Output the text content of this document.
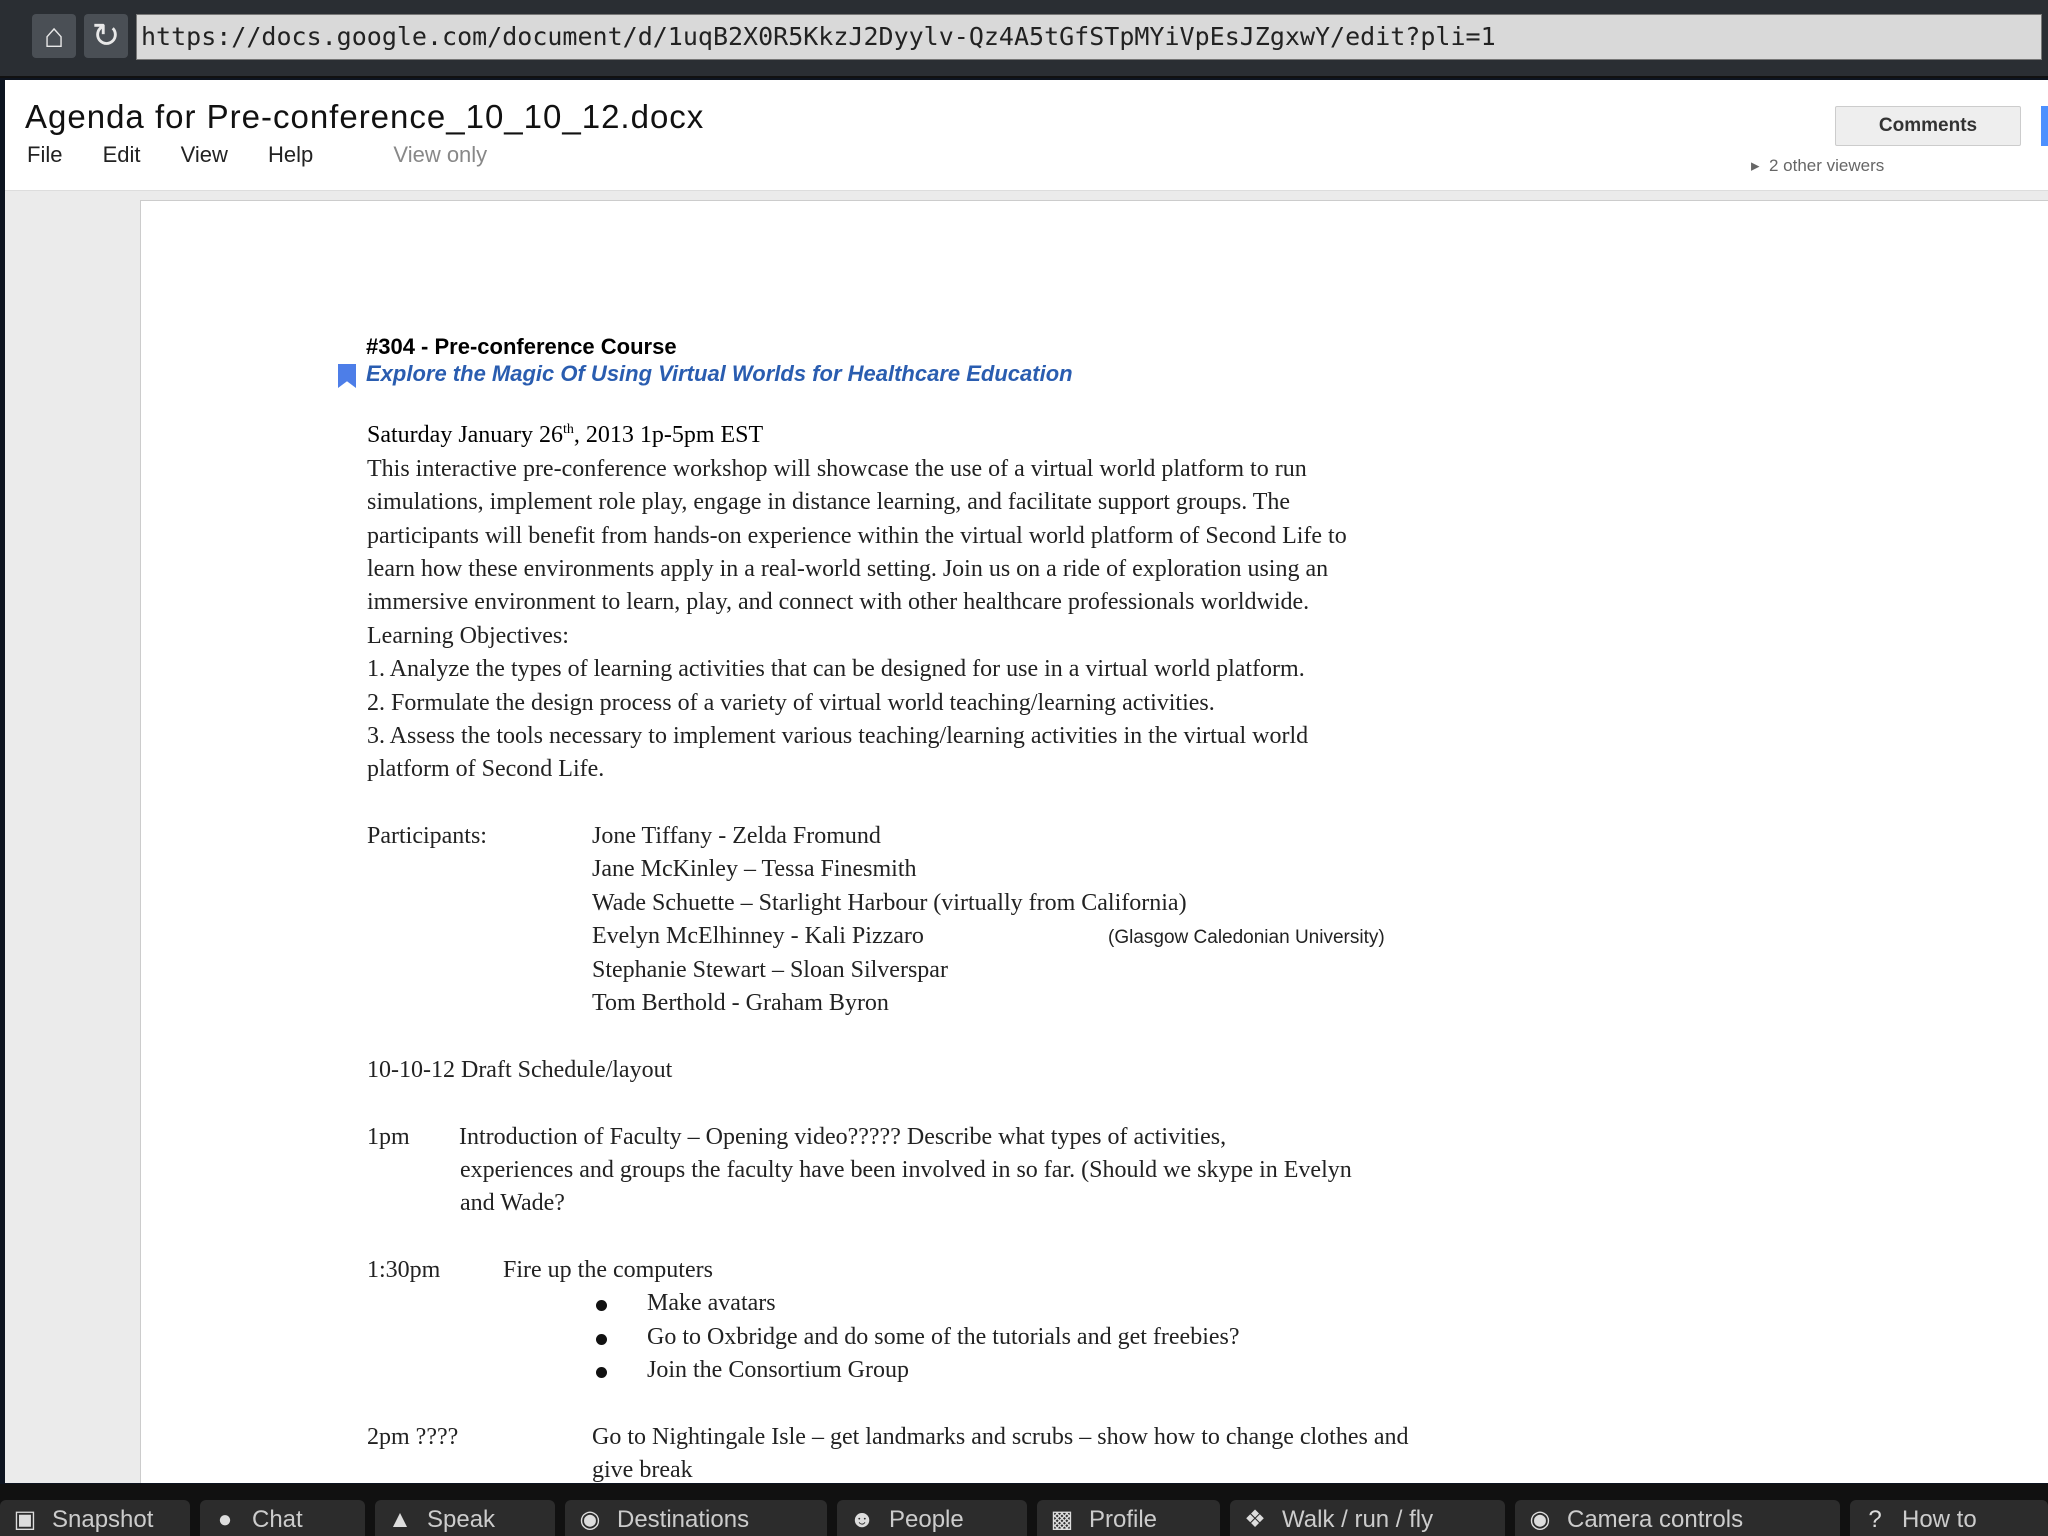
⌂ ↻ https://docs.google.com/document/d/1uqB2X0R5KkzJ2Dyylv-Qz4A5tGfSTpMYiVpEsJZgxwY/edit?pli=1
Agenda for Pre-conference_10_10_12.docx
File Edit View Help	View only
Comments
▸ 2 other viewers
#304 - Pre-conference Course
Explore the Magic Of Using Virtual Worlds for Healthcare Education
Saturday January 26th, 2013 1p-5pm EST
This interactive pre-conference workshop will showcase the use of a virtual world platform to run
simulations, implement role play, engage in distance learning, and facilitate support groups. The
participants will benefit from hands-on experience within the virtual world platform of Second Life to
learn how these environments apply in a real-world setting. Join us on a ride of exploration using an
immersive environment to learn, play, and connect with other healthcare professionals worldwide.
Learning Objectives:
1. Analyze the types of learning activities that can be designed for use in a virtual world platform.
2. Formulate the design process of a variety of virtual world teaching/learning activities.
3. Assess the tools necessary to implement various teaching/learning activities in the virtual world
platform of Second Life.
Participants:	Jone Tiffany - Zelda Fromund
Jane McKinley – Tessa Finesmith
Wade Schuette – Starlight Harbour (virtually from California)
Evelyn McElhinney - Kali Pizzaro	(Glasgow Caledonian University)
Stephanie Stewart – Sloan Silverspar
Tom Berthold - Graham Byron
10-10-12 Draft Schedule/layout
1pm Introduction of Faculty – Opening video????? Describe what types of activities,
experiences and groups the faculty have been involved in so far. (Should we skype in Evelyn
and Wade?
1:30pm	Fire up the computers
Make avatars
Go to Oxbridge and do some of the tutorials and get freebies?
Join the Consortium Group
2pm ????	Go to Nightingale Isle – get landmarks and scrubs – show how to change clothes and
give break
▣ Snapshot	● Chat	▲ Speak	◉ Destinations	☻ People	▩ Profile	❖ Walk / run / fly	◉ Camera controls	? How to
